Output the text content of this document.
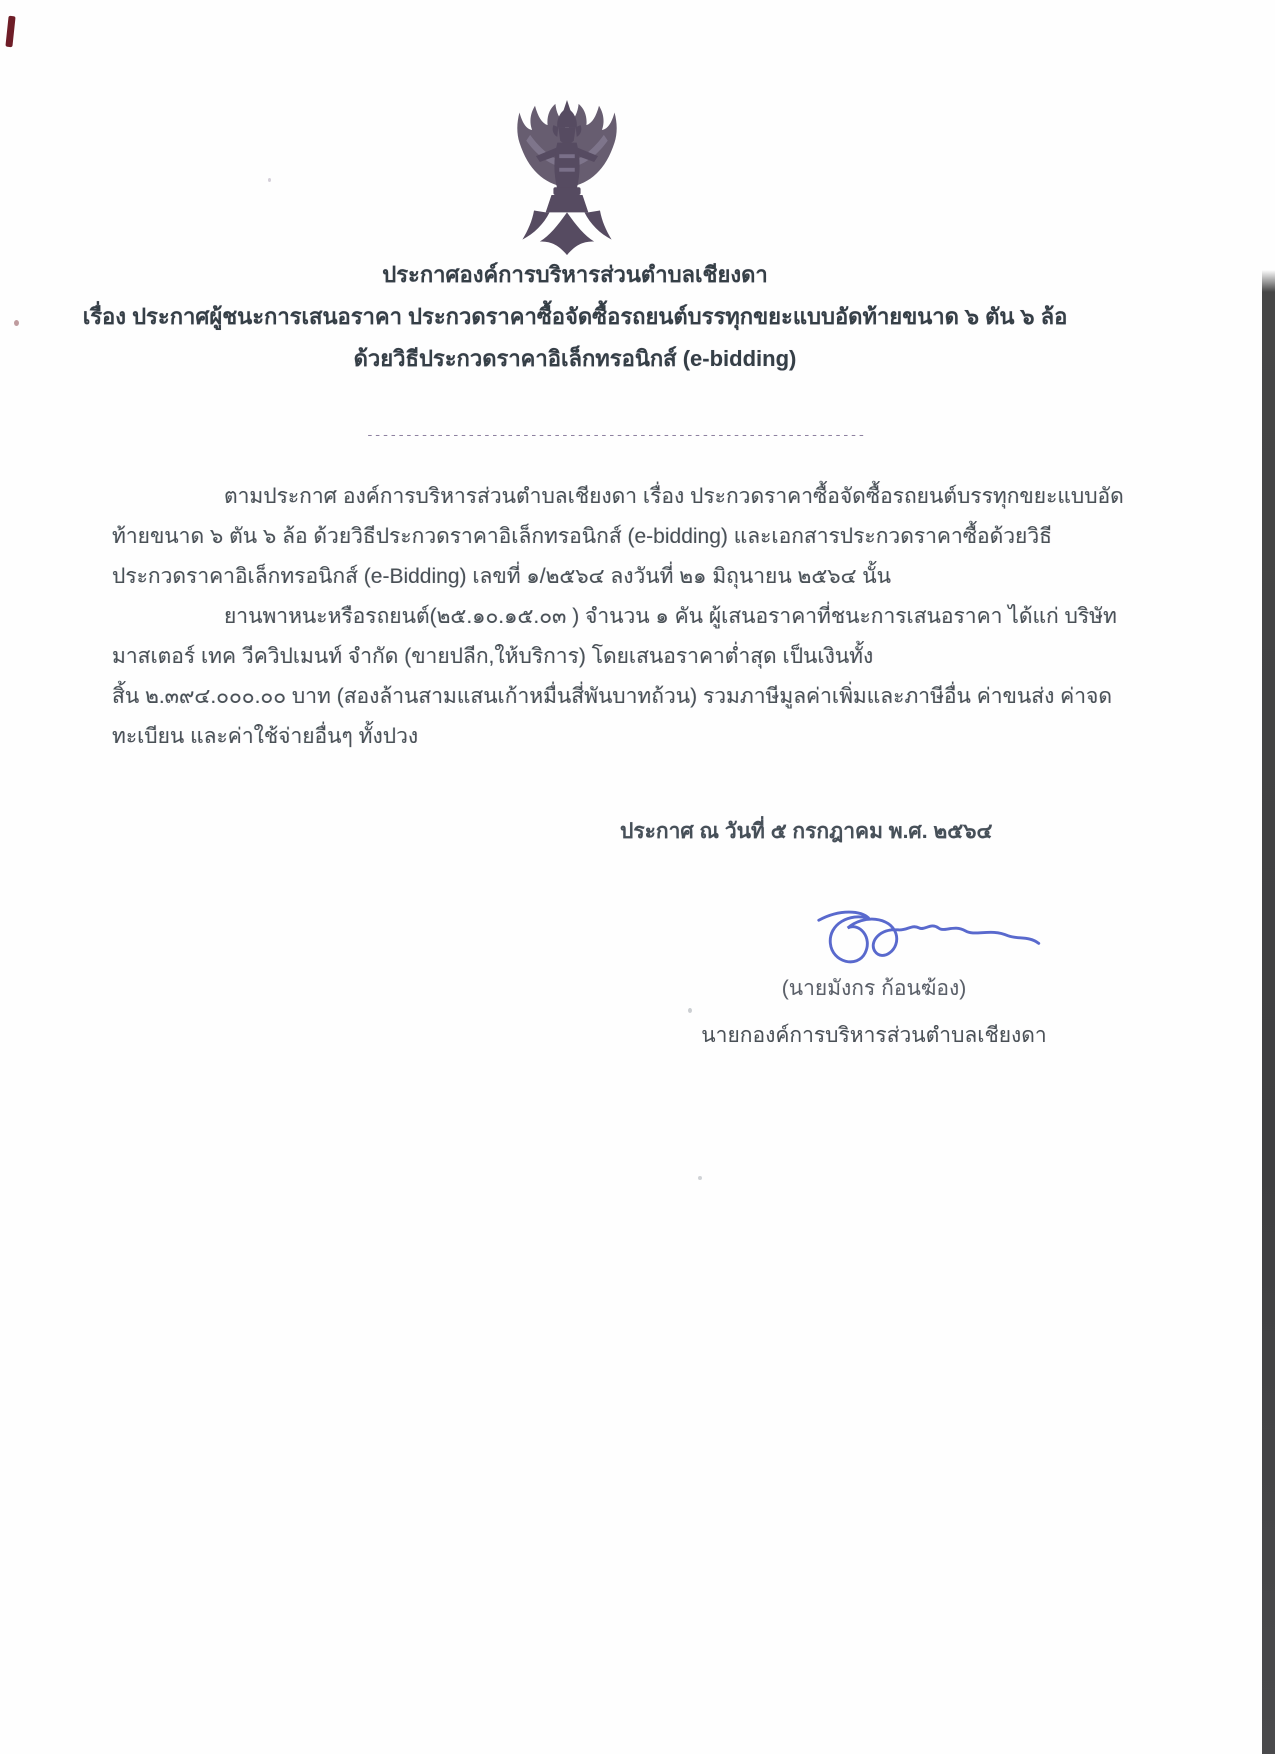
ประกาศองค์การบริหารส่วนตำบลเชียงดา
เรื่อง ประกาศผู้ชนะการเสนอราคา ประกวดราคาซื้อจัดซื้อรถยนต์บรรทุกขยะแบบอัดท้ายขนาด ๖ ตัน ๖ ล้อ
ด้วยวิธีประกวดราคาอิเล็กทรอนิกส์ (e-bidding)
----------------------------------------------------------------
ตามประกาศ องค์การบริหารส่วนตำบลเชียงดา เรื่อง ประกวดราคาซื้อจัดซื้อรถยนต์บรรทุกขยะแบบอัด
ท้ายขนาด ๖ ตัน ๖ ล้อ ด้วยวิธีประกวดราคาอิเล็กทรอนิกส์ (e-bidding) และเอกสารประกวดราคาซื้อด้วยวิธี
ประกวดราคาอิเล็กทรอนิกส์ (e-Bidding) เลขที่ ๑/๒๕๖๔ ลงวันที่ ๒๑ มิถุนายน ๒๕๖๔ นั้น
ยานพาหนะหรือรถยนต์(๒๕.๑๐.๑๕.๐๓ ) จำนวน ๑ คัน ผู้เสนอราคาที่ชนะการเสนอราคา ได้แก่ บริษัท
มาสเตอร์ เทค วีควิปเมนท์ จำกัด (ขายปลีก,ให้บริการ) โดยเสนอราคาต่ำสุด เป็นเงินทั้ง
สิ้น ๒.๓๙๔.๐๐๐.๐๐ บาท (สองล้านสามแสนเก้าหมื่นสี่พันบาทถ้วน) รวมภาษีมูลค่าเพิ่มและภาษีอื่น ค่าขนส่ง ค่าจด
ทะเบียน และค่าใช้จ่ายอื่นๆ ทั้งปวง
ประกาศ ณ วันที่ ๕ กรกฎาคม พ.ศ. ๒๕๖๔
(นายมังกร ก้อนฆ้อง)
นายกองค์การบริหารส่วนตำบลเชียงดา
